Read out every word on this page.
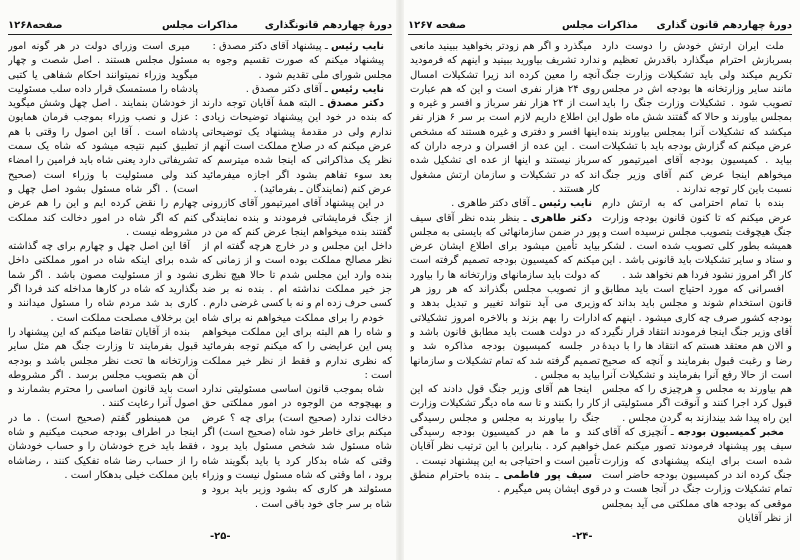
دورهٔ چهاردهم قانونگذاری
مذاکرات مجلس
صفحه۱۲۶۸

نایب رئیس ـ پیشنهاد آقای دکتر مصدق :

پیشنهاد میکنم که صورت تقسیم وجوه به مجلس شورای ملی تقدیم شود .

نایب رئیس ـ آقای دکتر مصدق .

دکتر مصدق ـ البته همهٔ آقایان توجه دارند که بنده در خود این پیشنهاد توضیحات زیادی ندارم ولی در مقدمهٔ پیشنهاد یک توضیحاتی عرض میکنم که در صلاح مملکت است آنهم از نظر یک مذاکراتی که اینجا شده میترسم که بعد سوء تفاهم بشود اگر اجازه میفرمائید عرض کنم (نمایندگان ـ بفرمائید) .

در این پیشنهاد آقای امیرتیمور آقای کازرونی از جنگ فرمایشاتی فرمودند و بنده نمایندگی گفتند بنده میخواهم اینجا عرض کنم که من در داخل این مجلس و در خارج هرچه گفته ام از نظر مصالح مملکت بوده است و از زمانی که بنده وارد این مجلس شدم تا حالا هیچ نظری جز خیر مملکت نداشته ام . بنده نه بر ضد کسی حرف زده ام و نه با کسی غرضی دارم .

خودم را برای مملکت میخواهم نه برای شاه و شاه را هم البته برای این مملکت میخواهم پس این عرایضی را که میکنم توجه بفرمائید که نظری ندارم و فقط از نظر خیر مملکت است :

شاه بموجب قانون اساسی مسئولیتی ندارد و بهیچوجه من الوجوه در امور مملکتی حق دخالت ندارد (صحیح است) برای چه ؟ عرض میکنم برای خاطر خود شاه (صحیح است) اگر شاه مسئول شد شخص مسئول باید برود ، وقتی که شاه بدکار کرد یا باید بگویند شاه برود ، اما وقتی که شاه مسئول نیست و وزراء مسئولند هر کاری که بشود وزیر باید برود و شاه بر سر جای خود باقی است .

میری است وزرای دولت در هر گونه امور مسئول مجلس هستند . اصل شصت و چهار میگوید وزراء نمیتوانند احکام شفاهی یا کتبی پادشاه را مستمسک قرار داده سلب مسئولیت از خودشان بنمایند . اصل چهل وشش میگوید : عزل و نصب وزراء بموجب فرمان همایون پادشاه است . آقا این اصول را وقتی با هم تطبیق کنیم نتیجه میشود که شاه یک سمت تشریفاتی دارد یعنی شاه باید فرامین را امضاء کند ولی مسئولیت با وزراء است (صحیح است) . اگر شاه مسئول بشود اصل چهل و چهارم را نقض کرده ایم و این را هم عرض کنم که اگر شاه در امور دخالت کند مملکت مشروطه نیست .

آقا این اصل چهل و چهارم برای چه گذاشته شده برای اینکه شاه در امور مملکتی داخل نشود و از مسئولیت مصون باشد . اگر شما بگذارید که شاه در کارها مداخله کند فردا اگر کاری بد شد مردم شاه را مسئول میدانند و این برخلاف مصلحت مملکت است .

بنده از آقایان تقاضا میکنم که این پیشنهاد را قبول بفرمایند تا وزارت جنگ هم مثل سایر وزارتخانه ها تحت نظر مجلس باشد و بودجه آن هم بتصویب مجلس برسد . اگر مشروطه است باید قانون اساسی را محترم بشمارند و اصول آنرا رعایت کنند .

من همینطور گفتم (صحیح است) . ما در اینجا در اطراف بودجه صحبت میکنیم و شاه فقط باید خرج خودشان را و حساب خودشان را از حساب رضا شاه تفکیک کنند ، رضاشاه باین مملکت خیلی بدهکار است .

-۲۵-
دورهٔ چهاردهم قانون گذاری
مذاکرات مجلس
صفحه ۱۲۶۷

ملت ایران ارتش خودش را دوست دارد بسربازش احترام میگذارد باقدرش تعظیم و تکریم میکند ولی باید تشکیلات وزارت جنگ مانند سایر وزارتخانه ها بودجه اش در مجلس تصویب شود . تشکیلات وزارت جنگ را باید بمجلس بیاورند و حالا که گفتند شش ماه طول میکشد که تشکیلات آنرا بمجلس بیاورند بنده عرض میکنم که گزارش بودجه باید با تشکیلات بیاید . کمیسیون بودجه آقای امیرتیمور که میخواهم اینجا عرض کنم آقای وزیر جنگ نسبت باین کار توجه ندارند .

بنده با تمام احترامی که به ارتش دارم عرض میکنم که تا کنون قانون بودجه وزارت جنگ هیچوقت بتصویب مجلس نرسیده است و همیشه بطور کلی تصویب شده است . لشکر و ستاد و سایر تشکیلات باید قانونی باشد . این کار اگر امروز نشود فردا هم نخواهد شد .

افسرانی که مورد احتیاج است باید مطابق قانون استخدام شوند و مجلس باید بداند که بودجه کشور صرف چه کاری میشود . اینهم که آقای وزیر جنگ اینجا فرمودند انتقاد قرار نگیرد و الان هم معتقد هستم که انتقاد ها را با دیدهٔ رضا و رغبت قبول بفرمایند و آنچه که صحیح است از حالا رفع آنرا بفرمایند و تشکیلات آنرا هم بیاورند به مجلس و هرچیزی را که مجلس قبول کرد اجرا کنند و آنوقت اگر مسئولیتی از این راه پیدا شد بیندازند به گردن مجلس .

مخبر کمیسیون بودجه ـ آنچیزی که آقای سیف پور پیشنهاد فرمودند تصور میکنم عمل شده است برای اینکه پیشنهادی که وزارت جنگ کرده اند در کمیسیون بودجه حاضر است تمام تشکیلات وزارت جنگ در آنجا هست و در موقعی که بودجه های مملکتی می آید بمجلس از نظر آقایان

میگذرد و اگر هم زودتر بخواهید ببینید مانعی ندارد تشریف بیاورید ببینید و اینهم که فرمودید آنچه را معین کرده اند زیرا تشکیلات امسال روی ۲۴ هزار نفری است و این که هم عبارت است از ۲۴ هزار نفر سرباز و افسر و غیره و این اطلاع داریم لازم است بر سر ۶ هزار نفر اینها افسر و دفتری و غیره هستند که مشخص است . این عده از افسران و درجه داران که سرباز نیستند و اینها از عده ای تشکیل شده اند که در تشکیلات و سازمان ارتش مشغول کار هستند .

نایب رئیس ـ آقای دکتر طاهری .

دکتر طاهری ـ بنظر بنده نظر آقای سیف پور در ضمن سازمانهائی که بایستی به مجلس بیاید تأمین میشود برای اطلاع ایشان عرض میکنم که کمیسیون بودجه تصمیم گرفته است که دولت باید سازمانهای وزارتخانه ها را بیاورد و از تصویب مجلس بگذراند که هر روز هر وزیری می آید نتواند تغییر و تبدیل بدهد و ادارات را بهم بزند و بالاخره امروز تشکیلاتی که در دولت هست باید مطابق قانون باشد و در جلسه کمیسیون بودجه مذاکره شد و تصمیم گرفته شد که تمام تشکیلات و سازمانها بیاید به مجلس .

اینجا هم آقای وزیر جنگ قول دادند که این کار را بکنند و تا سه ماه دیگر تشکیلات وزارت جنگ را بیاورند به مجلس و مجلس رسیدگی کند و ما هم در کمیسیون بودجه رسیدگی خواهیم کرد . بنابراین با این ترتیب نظر آقایان تأمین است و احتیاجی به این پیشنهاد نیست .

سیف پور فاطمی ـ بنده باحترام منطق قوی ایشان پس میگیرم .

-۲۴-
